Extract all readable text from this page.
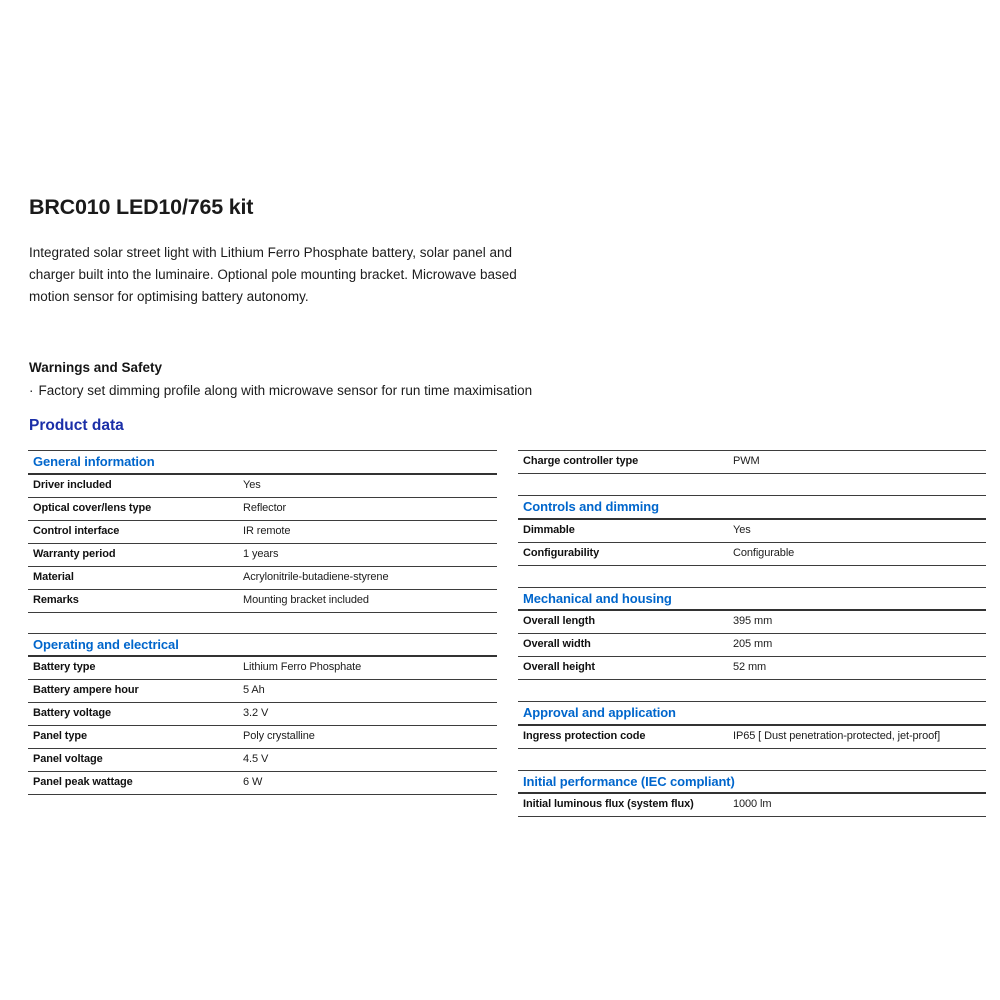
BRC010 LED10/765 kit
Integrated solar street light with Lithium Ferro Phosphate battery, solar panel and
charger built into the luminaire. Optional pole mounting bracket. Microwave based
motion sensor for optimising battery autonomy.
Warnings and Safety
· Factory set dimming profile along with microwave sensor for run time maximisation
Product data
General information
Driver included	Yes
Optical cover/lens type	Reflector
Control interface	IR remote
Warranty period	1 years
Material	Acrylonitrile-butadiene-styrene
Remarks	Mounting bracket included
Operating and electrical
Battery type	Lithium Ferro Phosphate
Battery ampere hour	5 Ah
Battery voltage	3.2 V
Panel type	Poly crystalline
Panel voltage	4.5 V
Panel peak wattage	6 W
Charge controller type	PWM
Controls and dimming
Dimmable	Yes
Configurability	Configurable
Mechanical and housing
Overall length	395 mm
Overall width	205 mm
Overall height	52 mm
Approval and application
Ingress protection code	IP65 [ Dust penetration-protected, jet-proof]
Initial performance (IEC compliant)
Initial luminous flux (system flux)	1000 lm
